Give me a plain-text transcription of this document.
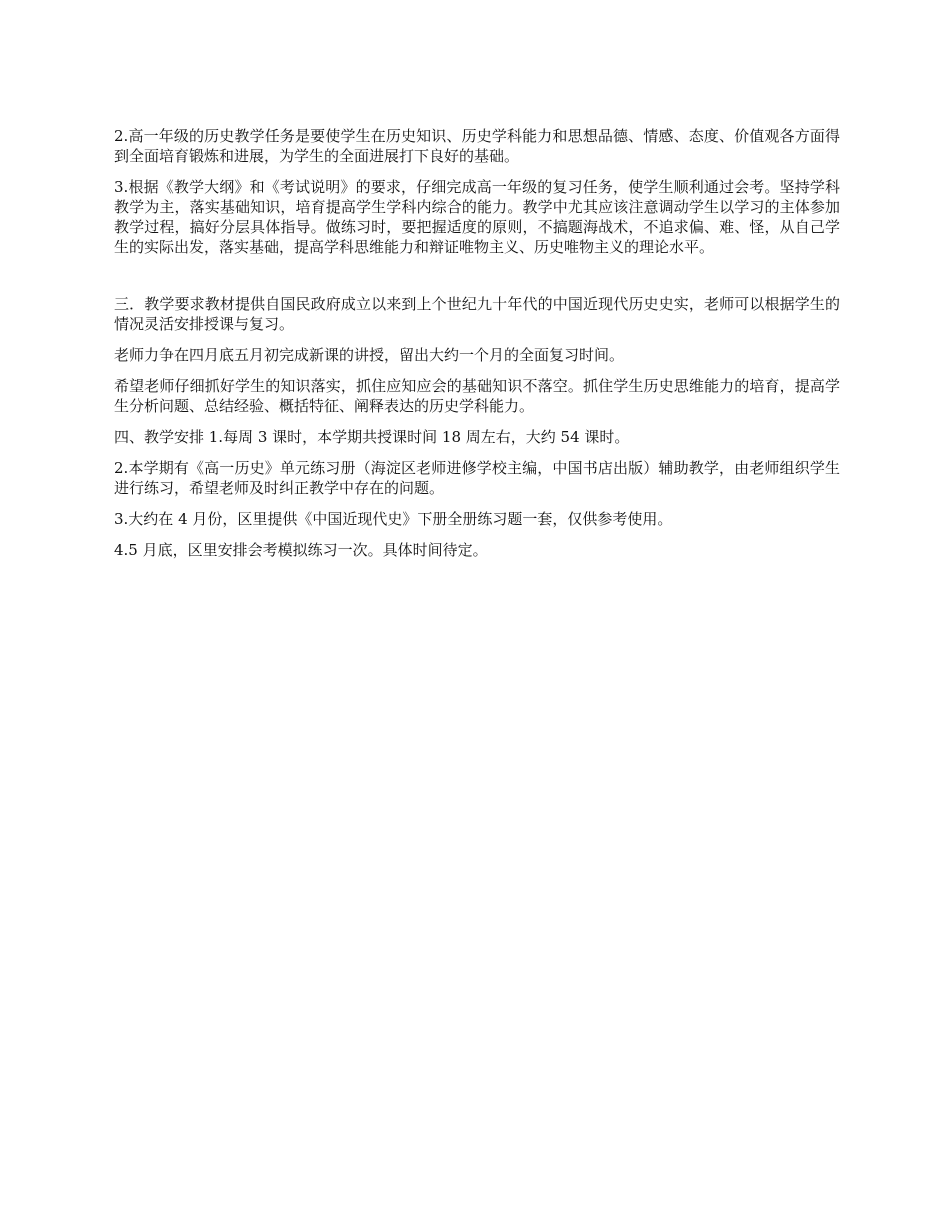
2.高一年级的历史教学任务是要使学生在历史知识、历史学科能力和思想品德、情感、态度、价值观各方面得到全面培育锻炼和进展，为学生的全面进展打下良好的基础。

3.根据《教学大纲》和《考试说明》的要求，仔细完成高一年级的复习任务，使学生顺利通过会考。坚持学科教学为主，落实基础知识，培育提高学生学科内综合的能力。教学中尤其应该注意调动学生以学习的主体参加教学过程，搞好分层具体指导。做练习时，要把握适度的原则，不搞题海战术，不追求偏、难、怪，从自己学生的实际出发，落实基础，提高学科思维能力和辩证唯物主义、历史唯物主义的理论水平。

三．教学要求教材提供自国民政府成立以来到上个世纪九十年代的中国近现代历史史实，老师可以根据学生的情况灵活安排授课与复习。

老师力争在四月底五月初完成新课的讲授，留出大约一个月的全面复习时间。

希望老师仔细抓好学生的知识落实，抓住应知应会的基础知识不落空。抓住学生历史思维能力的培育，提高学生分析问题、总结经验、概括特征、阐释表达的历史学科能力。

四、教学安排 1.每周 3 课时，本学期共授课时间 18 周左右，大约 54 课时。

2.本学期有《高一历史》单元练习册（海淀区老师进修学校主编，中国书店出版）辅助教学，由老师组织学生进行练习，希望老师及时纠正教学中存在的问题。

3.大约在 4 月份，区里提供《中国近现代史》下册全册练习题一套，仅供参考使用。

4.5 月底，区里安排会考模拟练习一次。具体时间待定。
